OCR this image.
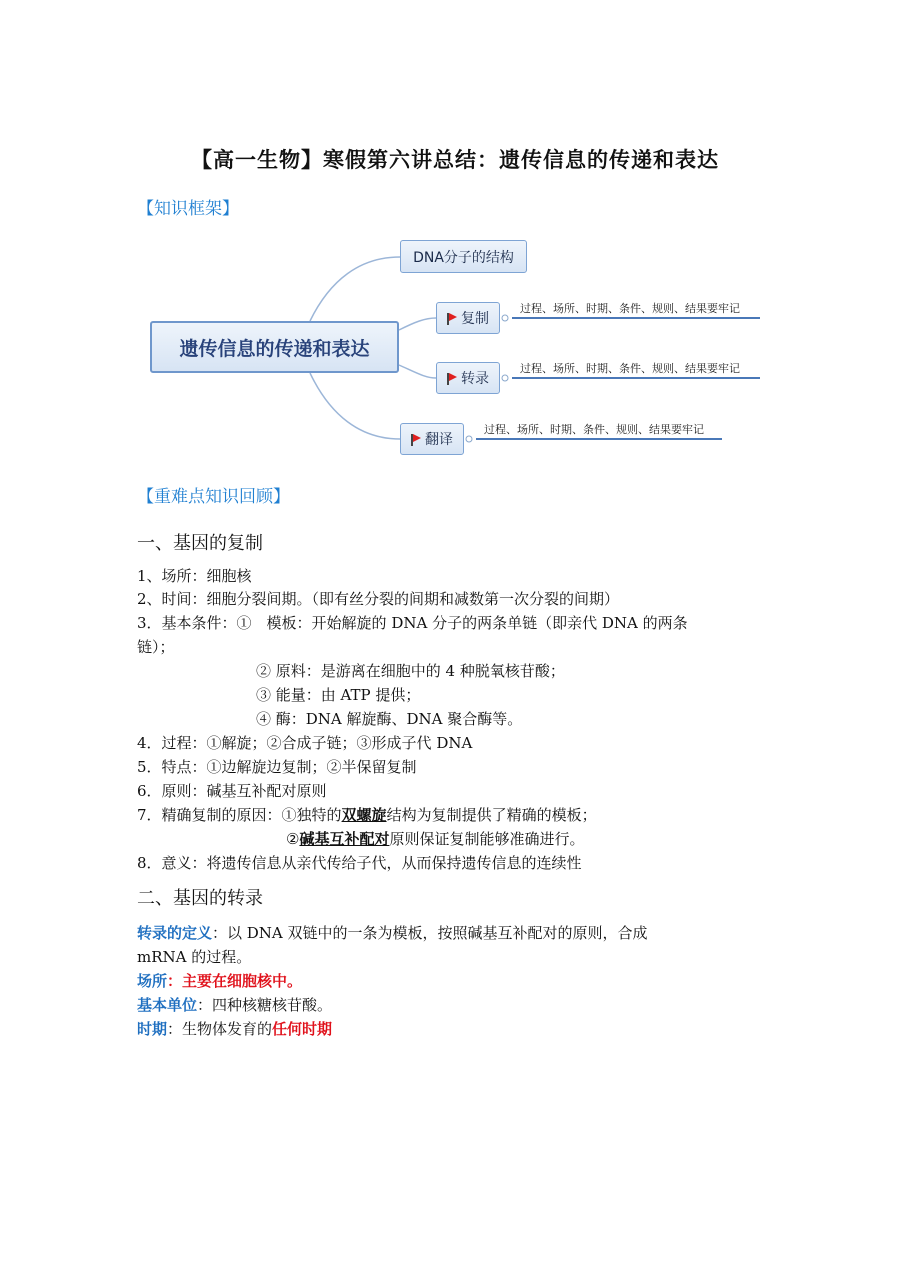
【高一生物】寒假第六讲总结：遗传信息的传递和表达
【知识框架】
遗传信息的传递和表达
DNA分子的结构
复制
转录
翻译
过程、场所、时期、条件、规则、结果要牢记
过程、场所、时期、条件、规则、结果要牢记
过程、场所、时期、条件、规则、结果要牢记
【重难点知识回顾】
一、基因的复制
1、场所：细胞核
2、时间：细胞分裂间期。（即有丝分裂的间期和减数第一次分裂的间期）
3．基本条件：①　模板：开始解旋的 DNA 分子的两条单链（即亲代 DNA 的两条
链）；
② 原料：是游离在细胞中的 4 种脱氧核苷酸；
③ 能量：由 ATP 提供；
④ 酶：DNA 解旋酶、DNA 聚合酶等。
4．过程：①解旋；②合成子链；③形成子代 DNA
5．特点：①边解旋边复制；②半保留复制
6．原则：碱基互补配对原则
7．精确复制的原因：①独特的双螺旋结构为复制提供了精确的模板；
②碱基互补配对原则保证复制能够准确进行。
8．意义：将遗传信息从亲代传给子代，从而保持遗传信息的连续性
二、基因的转录
转录的定义：以 DNA 双链中的一条为模板，按照碱基互补配对的原则，合成
mRNA 的过程。
场所：主要在细胞核中。
基本单位：四种核糖核苷酸。
时期：生物体发育的任何时期
